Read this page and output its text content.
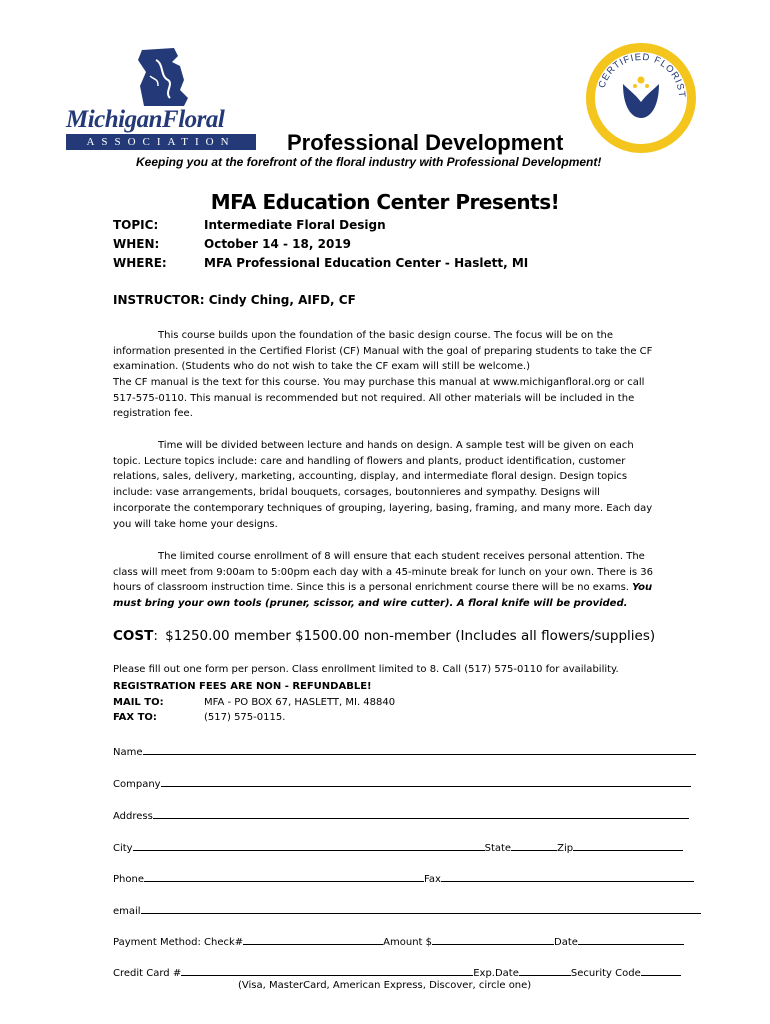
MichiganFloral
ASSOCIATION
CERTIFIED FLORIST
Professional Development
Keeping you at the forefront of the floral industry with Professional Development!
MFA Education Center Presents!
TOPIC:	Intermediate Floral Design
WHEN:	October 14 - 18, 2019
WHERE:	MFA Professional Education Center - Haslett, MI
INSTRUCTOR: Cindy Ching, AIFD, CF
This course builds upon the foundation of the basic design course. The focus will be on the information presented in the Certified Florist (CF) Manual with the goal of preparing students to take the CF examination. (Students who do not wish to take the CF exam will still be welcome.)
The CF manual is the text for this course. You may purchase this manual at www.michiganfloral.org or call 517-575-0110. This manual is recommended but not required. All other materials will be included in the registration fee.
Time will be divided between lecture and hands on design. A sample test will be given on each topic. Lecture topics include: care and handling of flowers and plants, product identification, customer relations, sales, delivery, marketing, accounting, display, and intermediate floral design. Design topics include: vase arrangements, bridal bouquets, corsages, boutonnieres and sympathy. Designs will incorporate the contemporary techniques of grouping, layering, basing, framing, and many more. Each day you will take home your designs.
The limited course enrollment of 8 will ensure that each student receives personal attention. The class will meet from 9:00am to 5:00pm each day with a 45-minute break for lunch on your own. There is 36 hours of classroom instruction time. Since this is a personal enrichment course there will be no exams. You must bring your own tools (pruner, scissor, and wire cutter). A floral knife will be provided.
COST: $1250.00 member $1500.00 non-member (Includes all flowers/supplies)
Please fill out one form per person. Class enrollment limited to 8. Call (517) 575-0110 for availability.
REGISTRATION FEES ARE NON - REFUNDABLE!
MAIL TO:	MFA - PO BOX 67, HASLETT, MI. 48840
FAX TO:	(517) 575-0115.
Name
Company
Address
City	State	Zip
Phone	Fax
email
Payment Method: Check#	Amount $	Date
Credit Card #	Exp.Date	Security Code
(Visa, MasterCard, American Express, Discover, circle one)
